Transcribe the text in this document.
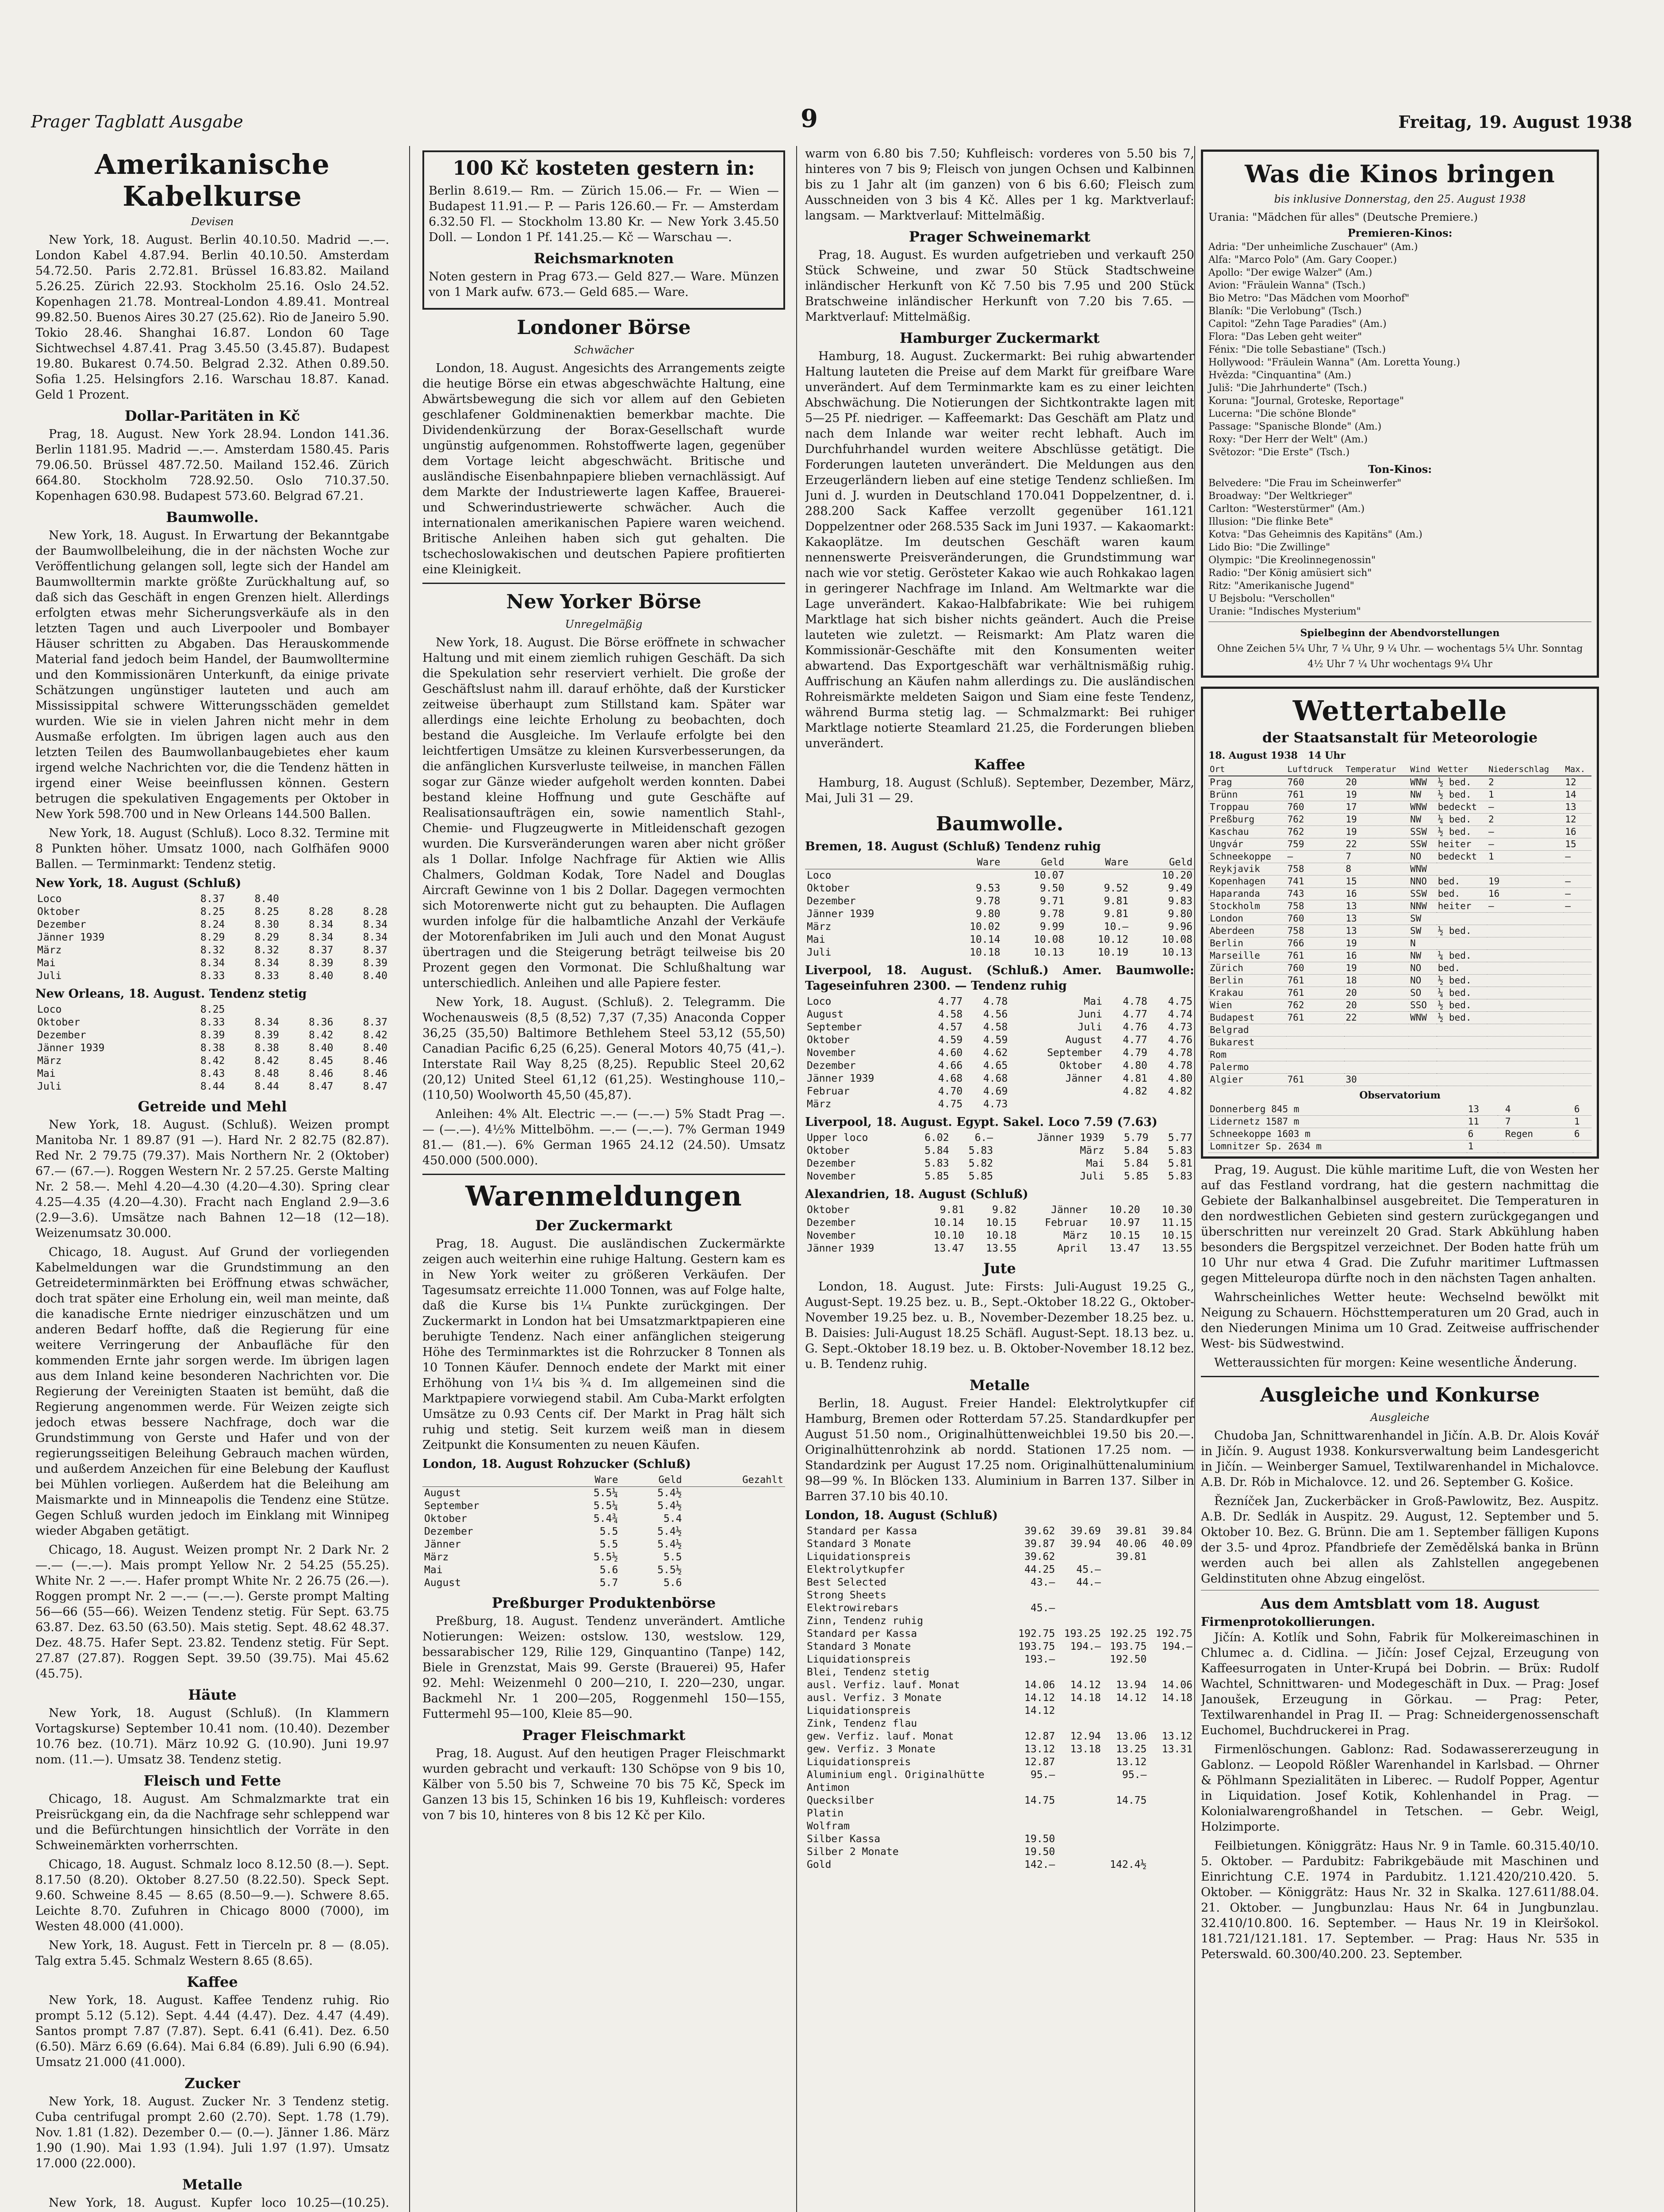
Prager Tagblatt Ausgabe	9	Freitag, 19. August 1938
Amerikanische Kabelkurse
Devisen

New York, 18. August. Berlin 40.10.50. Madrid —.—. London Kabel 4.87.94. Berlin 40.10.50. Amsterdam 54.72.50. Paris 2.72.81. Brüssel 16.83.82. Mailand 5.26.25. Zürich 22.93. Stockholm 25.16. Oslo 24.52. Kopenhagen 21.78. Montreal-London 4.89.41. Montreal 99.82.50. Buenos Aires 30.27 (25.62). Rio de Janeiro 5.90. Tokio 28.46. Shanghai 16.87. London 60 Tage Sichtwechsel 4.87.41. Prag 3.45.50 (3.45.87). Budapest 19.80. Bukarest 0.74.50. Belgrad 2.32. Athen 0.89.50. Sofia 1.25. Helsingfors 2.16. Warschau 18.87. Kanad. Geld 1 Prozent.

Dollar-Paritäten in Kč

Prag, 18. August. New York 28.94. London 141.36. Berlin 1181.95. Madrid —.—. Amsterdam 1580.45. Paris 79.06.50. Brüssel 487.72.50. Mailand 152.46. Zürich 664.80. Stockholm 728.92.50. Oslo 710.37.50. Kopenhagen 630.98. Budapest 573.60. Belgrad 67.21.

Baumwolle.

New York, 18. August. In Erwartung der Bekanntgabe der Baumwollbeleihung, die in der nächsten Woche zur Veröffentlichung gelangen soll, legte sich der Handel am Baumwolltermin markte größte Zurückhaltung auf, so daß sich das Geschäft in engen Grenzen hielt. Allerdings erfolgten etwas mehr Sicherungsverkäufe als in den letzten Tagen und auch Liverpooler und Bombayer Häuser schritten zu Abgaben. Das Herauskommende Material fand jedoch beim Handel, der Baumwolltermine und den Kommissionären Unterkunft, da einige private Schätzungen ungünstiger lauteten und auch am Mississippital schwere Witterungsschäden gemeldet wurden. Wie sie in vielen Jahren nicht mehr in dem Ausmaße erfolgten. Im übrigen lagen auch aus den letzten Teilen des Baumwollanbaugebietes eher kaum irgend welche Nachrichten vor, die die Tendenz hätten in irgend einer Weise beeinflussen können. Gestern betrugen die spekulativen Engagements per Oktober in New York 598.700 und in New Orleans 144.500 Ballen.

New York, 18. August (Schluß). Loco 8.32. Termine mit 8 Punkten höher. Umsatz 1000, nach Golfhäfen 9000 Ballen. — Terminmarkt: Tendenz stetig.

New York, 18. August (Schluß)
Loco	8.37	8.40		
Oktober	8.25	8.25	8.28	8.28
Dezember	8.24	8.30	8.34	8.34
Jänner 1939	8.29	8.29	8.34	8.34
März	8.32	8.32	8.37	8.37
Mai	8.34	8.34	8.39	8.39
Juli	8.33	8.33	8.40	8.40
New Orleans, 18. August. Tendenz stetig
Loco	8.25			
Oktober	8.33	8.34	8.36	8.37
Dezember	8.39	8.39	8.42	8.42
Jänner 1939	8.38	8.38	8.40	8.40
März	8.42	8.42	8.45	8.46
Mai	8.43	8.48	8.46	8.46
Juli	8.44	8.44	8.47	8.47
Getreide und Mehl

New York, 18. August. (Schluß). Weizen prompt Manitoba Nr. 1 89.87 (91 —). Hard Nr. 2 82.75 (82.87). Red Nr. 2 79.75 (79.37). Mais Northern Nr. 2 (Oktober) 67.— (67.—). Roggen Western Nr. 2 57.25. Gerste Malting Nr. 2 58.—. Mehl 4.20—4.30 (4.20—4.30). Spring clear 4.25—4.35 (4.20—4.30). Fracht nach England 2.9—3.6 (2.9—3.6). Umsätze nach Bahnen 12—18 (12—18). Weizenumsatz 30.000.

Chicago, 18. August. Auf Grund der vorliegenden Kabelmeldungen war die Grundstimmung an den Getreideterminmärkten bei Eröffnung etwas schwächer, doch trat später eine Erholung ein, weil man meinte, daß die kanadische Ernte niedriger einzuschätzen und um anderen Bedarf hoffte, daß die Regierung für eine weitere Verringerung der Anbaufläche für den kommenden Ernte jahr sorgen werde. Im übrigen lagen aus dem Inland keine besonderen Nachrichten vor. Die Regierung der Vereinigten Staaten ist bemüht, daß die Regierung angenommen werde. Für Weizen zeigte sich jedoch etwas bessere Nachfrage, doch war die Grundstimmung von Gerste und Hafer und von der regierungsseitigen Beleihung Gebrauch machen würden, und außerdem Anzeichen für eine Belebung der Kauflust bei Mühlen vorliegen. Außerdem hat die Beleihung am Maismarkte und in Minneapolis die Tendenz eine Stütze. Gegen Schluß wurden jedoch im Einklang mit Winnipeg wieder Abgaben getätigt.

Chicago, 18. August. Weizen prompt Nr. 2 Dark Nr. 2 —.— (—.—). Mais prompt Yellow Nr. 2 54.25 (55.25). White Nr. 2 —.—. Hafer prompt White Nr. 2 26.75 (26.—). Roggen prompt Nr. 2 —.— (—.—). Gerste prompt Malting 56—66 (55—66). Weizen Tendenz stetig. Für Sept. 63.75 63.87. Dez. 63.50 (63.50). Mais stetig. Sept. 48.62 48.37. Dez. 48.75. Hafer Sept. 23.82. Tendenz stetig. Für Sept. 27.87 (27.87). Roggen Sept. 39.50 (39.75). Mai 45.62 (45.75).

Häute

New York, 18. August (Schluß). (In Klammern Vortagskurse) September 10.41 nom. (10.40). Dezember 10.76 bez. (10.71). März 10.92 G. (10.90). Juni 19.97 nom. (11.—). Umsatz 38. Tendenz stetig.

Fleisch und Fette

Chicago, 18. August. Am Schmalzmarkte trat ein Preisrückgang ein, da die Nachfrage sehr schleppend war und die Befürchtungen hinsichtlich der Vorräte in den Schweinemärkten vorherrschten.

Chicago, 18. August. Schmalz loco 8.12.50 (8.—). Sept. 8.17.50 (8.20). Oktober 8.27.50 (8.22.50). Speck Sept. 9.60. Schweine 8.45 — 8.65 (8.50—9.—). Schwere 8.65. Leichte 8.70. Zufuhren in Chicago 8000 (7000), im Westen 48.000 (41.000).

New York, 18. August. Fett in Tierceln pr. 8 — (8.05). Talg extra 5.45. Schmalz Western 8.65 (8.65).

Kaffee

New York, 18. August. Kaffee Tendenz ruhig. Rio prompt 5.12 (5.12). Sept. 4.44 (4.47). Dez. 4.47 (4.49). Santos prompt 7.87 (7.87). Sept. 6.41 (6.41). Dez. 6.50 (6.50). März 6.69 (6.64). Mai 6.84 (6.89). Juli 6.90 (6.94). Umsatz 21.000 (41.000).

Zucker

New York, 18. August. Zucker Nr. 3 Tendenz stetig. Cuba centrifugal prompt 2.60 (2.70). Sept. 1.78 (1.79). Nov. 1.81 (1.82). Dezember 0.— (0.—). Jänner 1.86. März 1.90 (1.90). Mai 1.93 (1.94). Juli 1.97 (1.97). Umsatz 17.000 (22.000).

Metalle

New York, 18. August. Kupfer loco 10.25—(10.25).

100 Kč kosteten gestern in:

Berlin 8.619.— Rm. — Zürich 15.06.— Fr. — Wien — Budapest 11.91.— P. — Paris 126.60.— Fr. — Amsterdam 6.32.50 Fl. — Stockholm 13.80 Kr. — New York 3.45.50 Doll. — London 1 Pf. 141.25.— Kč — Warschau —.

Reichsmarknoten

Noten gestern in Prag 673.— Geld 827.— Ware. Münzen von 1 Mark aufw. 673.— Geld 685.— Ware.

Londoner Börse
Schwächer

London, 18. August. Angesichts des Arrangements zeigte die heutige Börse ein etwas abgeschwächte Haltung, eine Abwärtsbewegung die sich vor allem auf den Gebieten geschlafener Goldminenaktien bemerkbar machte. Die Dividendenkürzung der Borax-Gesellschaft wurde ungünstig aufgenommen. Rohstoffwerte lagen, gegenüber dem Vortage leicht abgeschwächt. Britische und ausländische Eisenbahnpapiere blieben vernachlässigt. Auf dem Markte der Industriewerte lagen Kaffee, Brauerei- und Schwerindustriewerte schwächer. Auch die internationalen amerikanischen Papiere waren weichend. Britische Anleihen haben sich gut gehalten. Die tschechoslowakischen und deutschen Papiere profitierten eine Kleinigkeit.

New Yorker Börse
Unregelmäßig

New York, 18. August. Die Börse eröffnete in schwacher Haltung und mit einem ziemlich ruhigen Geschäft. Da sich die Spekulation sehr reserviert verhielt. Die große der Geschäftslust nahm ill. darauf erhöhte, daß der Kursticker zeitweise überhaupt zum Stillstand kam. Später war allerdings eine leichte Erholung zu beobachten, doch bestand die Ausgleiche. Im Verlaufe erfolgte bei den leichtfertigen Umsätze zu kleinen Kursverbesserungen, da die anfänglichen Kursverluste teilweise, in manchen Fällen sogar zur Gänze wieder aufgeholt werden konnten. Dabei bestand kleine Hoffnung und gute Geschäfte auf Realisationsaufträgen ein, sowie namentlich Stahl-, Chemie- und Flugzeugwerte in Mitleidenschaft gezogen wurden. Die Kursveränderungen waren aber nicht größer als 1 Dollar. Infolge Nachfrage für Aktien wie Allis Chalmers, Goldman Kodak, Tore Nadel and Douglas Aircraft Gewinne von 1 bis 2 Dollar. Dagegen vermochten sich Motorenwerte nicht gut zu behaupten. Die Auflagen wurden infolge für die halbamtliche Anzahl der Verkäufe der Motorenfabriken im Juli auch und den Monat August übertragen und die Steigerung beträgt teilweise bis 20 Prozent gegen den Vormonat. Die Schlußhaltung war unterschiedlich. Anleihen und alle Papiere fester.

New York, 18. August. (Schluß). 2. Telegramm. Die Wochenausweis (8,5 (8,52) 7,37 (7,35) Anaconda Copper 36,25 (35,50) Baltimore Bethlehem Steel 53,12 (55,50) Canadian Pacific 6,25 (6,25). General Motors 40,75 (41,–). Interstate Rail Way 8,25 (8,25). Republic Steel 20,62 (20,12) United Steel 61,12 (61,25). Westinghouse 110,– (110,50) Woolworth 45,50 (45,87).

Anleihen: 4% Alt. Electric —.— (—.—) 5% Stadt Prag —.— (—.—). 4½% Mittelböhm. —.— (—.—). 7% German 1949 81.— (81.—). 6% German 1965 24.12 (24.50). Umsatz 450.000 (500.000).

Warenmeldungen
Der Zuckermarkt

Prag, 18. August. Die ausländischen Zuckermärkte zeigen auch weiterhin eine ruhige Haltung. Gestern kam es in New York weiter zu größeren Verkäufen. Der Tagesumsatz erreichte 11.000 Tonnen, was auf Folge halte, daß die Kurse bis 1¼ Punkte zurückgingen. Der Zuckermarkt in London hat bei Umsatzmarktpapieren eine beruhigte Tendenz. Nach einer anfänglichen steigerung Höhe des Terminmarktes ist die Rohrzucker 8 Tonnen als 10 Tonnen Käufer. Dennoch endete der Markt mit einer Erhöhung von 1¼ bis ¾ d. Im allgemeinen sind die Marktpapiere vorwiegend stabil. Am Cuba-Markt erfolgten Umsätze zu 0.93 Cents cif. Der Markt in Prag hält sich ruhig und stetig. Seit kurzem weiß man in diesem Zeitpunkt die Konsumenten zu neuen Käufen.

London, 18. August Rohzucker (Schluß)
	Ware	Geld	Gezahlt
August	5.5¼	5.4½	
September	5.5¼	5.4½	
Oktober	5.4¾	5.4	
Dezember	5.5	5.4½	
Jänner	5.5	5.4½	
März	5.5½	5.5	
Mai	5.6	5.5½	
August	5.7	5.6	
Preßburger Produktenbörse

Preßburg, 18. August. Tendenz unverändert. Amtliche Notierungen: Weizen: ostslow. 130, westslow. 129, bessarabischer 129, Rilie 129, Ginquantino (Tanpe) 142, Biele in Grenzstat, Mais 99. Gerste (Brauerei) 95, Hafer 92. Mehl: Weizenmehl 0 200—210, I. 220—230, ungar. Backmehl Nr. 1 200—205, Roggenmehl 150—155, Futtermehl 95—100, Kleie 85—90.

Prager Fleischmarkt

Prag, 18. August. Auf den heutigen Prager Fleischmarkt wurden gebracht und verkauft: 130 Schöpse von 9 bis 10, Kälber von 5.50 bis 7, Schweine 70 bis 75 Kč, Speck im Ganzen 13 bis 15, Schinken 16 bis 19, Kuhfleisch: vorderes von 7 bis 10, hinteres von 8 bis 12 Kč per Kilo.

warm von 6.80 bis 7.50; Kuhfleisch: vorderes von 5.50 bis 7, hinteres von 7 bis 9; Fleisch von jungen Ochsen und Kalbinnen bis zu 1 Jahr alt (im ganzen) von 6 bis 6.60; Fleisch zum Ausschneiden von 3 bis 4 Kč. Alles per 1 kg. Marktverlauf: langsam. — Marktverlauf: Mittelmäßig.

Prager Schweinemarkt

Prag, 18. August. Es wurden aufgetrieben und verkauft 250 Stück Schweine, und zwar 50 Stück Stadtschweine inländischer Herkunft von Kč 7.50 bis 7.95 und 200 Stück Bratschweine inländischer Herkunft von 7.20 bis 7.65. — Marktverlauf: Mittelmäßig.

Hamburger Zuckermarkt

Hamburg, 18. August. Zuckermarkt: Bei ruhig abwartender Haltung lauteten die Preise auf dem Markt für greifbare Ware unverändert. Auf dem Terminmarkte kam es zu einer leichten Abschwächung. Die Notierungen der Sichtkontrakte lagen mit 5—25 Pf. niedriger. — Kaffeemarkt: Das Geschäft am Platz und nach dem Inlande war weiter recht lebhaft. Auch im Durchfuhrhandel wurden weitere Abschlüsse getätigt. Die Forderungen lauteten unverändert. Die Meldungen aus den Erzeugerländern lieben auf eine stetige Tendenz schließen. Im Juni d. J. wurden in Deutschland 170.041 Doppelzentner, d. i. 288.200 Sack Kaffee verzollt gegenüber 161.121 Doppelzentner oder 268.535 Sack im Juni 1937. — Kakaomarkt: Kakaoplätze. Im deutschen Geschäft waren kaum nennenswerte Preisveränderungen, die Grundstimmung war nach wie vor stetig. Gerösteter Kakao wie auch Rohkakao lagen in geringerer Nachfrage im Inland. Am Weltmarkte war die Lage unverändert. Kakao-Halbfabrikate: Wie bei ruhigem Marktlage hat sich bisher nichts geändert. Auch die Preise lauteten wie zuletzt. — Reismarkt: Am Platz waren die Kommissionär-Geschäfte mit den Konsumenten weiter abwartend. Das Exportgeschäft war verhältnismäßig ruhig. Auffrischung an Käufen nahm allerdings zu. Die ausländischen Rohreismärkte meldeten Saigon und Siam eine feste Tendenz, während Burma stetig lag. — Schmalzmarkt: Bei ruhiger Marktlage notierte Steamlard 21.25, die Forderungen blieben unverändert.

Kaffee

Hamburg, 18. August (Schluß). September, Dezember, März, Mai, Juli 31 — 29.

Baumwolle.
Bremen, 18. August (Schluß) Tendenz ruhig
	Ware	Geld	Ware	Geld
Loco		10.07		10.20
Oktober	9.53	9.50	9.52	9.49
Dezember	9.78	9.71	9.81	9.83
Jänner 1939	9.80	9.78	9.81	9.80
März	10.02	9.99	10.—	9.96
Mai	10.14	10.08	10.12	10.08
Juli	10.18	10.13	10.19	10.13
Liverpool, 18. August. (Schluß.) Amer. Baumwolle: Tageseinfuhren 2300. — Tendenz ruhig
Loco	4.77	4.78	Mai	4.78	4.75
August	4.58	4.56	Juni	4.77	4.74
September	4.57	4.58	Juli	4.76	4.73
Oktober	4.59	4.59	August	4.77	4.76
November	4.60	4.62	September	4.79	4.78
Dezember	4.66	4.65	Oktober	4.80	4.78
Jänner 1939	4.68	4.68	Jänner	4.81	4.80
Februar	4.70	4.69		4.82	4.82
März	4.75	4.73			
Liverpool, 18. August. Egypt. Sakel. Loco 7.59 (7.63)
Upper loco	6.02	6.—	Jänner 1939	5.79	5.77
Oktober	5.84	5.83	März	5.84	5.83
Dezember	5.83	5.82	Mai	5.84	5.81
November	5.85	5.85	Juli	5.85	5.83
Alexandrien, 18. August (Schluß)
Oktober	9.81	9.82	Jänner	10.20	10.30
Dezember	10.14	10.15	Februar	10.97	11.15
November	10.10	10.18	März	10.15	10.15
Jänner 1939	13.47	13.55	April	13.47	13.55
Jute

London, 18. August. Jute: Firsts: Juli-August 19.25 G., August-Sept. 19.25 bez. u. B., Sept.-Oktober 18.22 G., Oktober-November 19.25 bez. u. B., November-Dezember 18.25 bez. u. B. Daisies: Juli-August 18.25 Schäfl. August-Sept. 18.13 bez. u. G. Sept.-Oktober 18.19 bez. u. B. Oktober-November 18.12 bez. u. B. Tendenz ruhig.

Metalle

Berlin, 18. August. Freier Handel: Elektrolytkupfer cif Hamburg, Bremen oder Rotterdam 57.25. Standardkupfer per August 51.50 nom., Originalhüttenweichblei 19.50 bis 20.—. Originalhüttenrohzink ab nordd. Stationen 17.25 nom. — Standardzink per August 17.25 nom. Originalhüttenaluminium 98—99 %. In Blöcken 133. Aluminium in Barren 137. Silber in Barren 37.10 bis 40.10.

London, 18. August (Schluß)
Standard per Kassa	39.62	39.69	39.81	39.84
Standard 3 Monate	39.87	39.94	40.06	40.09
Liquidationspreis	39.62		39.81	
Elektrolytkupfer	44.25	45.—		
Best Selected	43.—	44.—		
Strong Sheets				
Elektrowirebars	45.—			
Zinn, Tendenz ruhig				
Standard per Kassa	192.75	193.25	192.25	192.75
Standard 3 Monate	193.75	194.—	193.75	194.—
Liquidationspreis	193.—		192.50	
Blei, Tendenz stetig				
ausl. Verfiz. lauf. Monat	14.06	14.12	13.94	14.06
ausl. Verfiz. 3 Monate	14.12	14.18	14.12	14.18
Liquidationspreis	14.12			
Zink, Tendenz flau				
gew. Verfiz. lauf. Monat	12.87	12.94	13.06	13.12
gew. Verfiz. 3 Monate	13.12	13.18	13.25	13.31
Liquidationspreis	12.87		13.12	
Aluminium engl. Originalhütte	95.—		95.—	
Antimon				
Quecksilber	14.75		14.75	
Platin				
Wolfram				
Silber Kassa	19.50			
Silber 2 Monate	19.50			
Gold	142.—		142.4½	
Was die Kinos bringen
bis inklusive Donnerstag, den 25. August 1938
Urania: "Mädchen für alles" (Deutsche Premiere.)
Premieren-Kinos:
Adria: "Der unheimliche Zuschauer" (Am.)
Alfa: "Marco Polo" (Am. Gary Cooper.)
Apollo: "Der ewige Walzer" (Am.)
Avion: "Fräulein Wanna" (Tsch.)
Bio Metro: "Das Mädchen vom Moorhof"
Blaník: "Die Verlobung" (Tsch.)
Capitol: "Zehn Tage Paradies" (Am.)
Flora: "Das Leben geht weiter"
Fénix: "Die tolle Sebastiane" (Tsch.)
Hollywood: "Fräulein Wanna" (Am. Loretta Young.)
Hvězda: "Cinquantina" (Am.)
Juliš: "Die Jahrhunderte" (Tsch.)
Koruna: "Journal, Groteske, Reportage"
Lucerna: "Die schöne Blonde"
Passage: "Spanische Blonde" (Am.)
Roxy: "Der Herr der Welt" (Am.)
Světozor: "Die Erste" (Tsch.)
Ton-Kinos:
Belvedere: "Die Frau im Scheinwerfer"
Broadway: "Der Weltkrieger"
Carlton: "Westerstürmer" (Am.)
Illusion: "Die flinke Bete"
Kotva: "Das Geheimnis des Kapitäns" (Am.)
Lido Bio: "Die Zwillinge"
Olympic: "Die Kreolinnegenossin"
Radio: "Der König amüsiert sich"
Ritz: "Amerikanische Jugend"
U Bejsbolu: "Verschollen"
Uranie: "Indisches Mysterium"
Spielbeginn der Abendvorstellungen
Ohne Zeichen 5¼ Uhr, 7 ¼ Uhr, 9 ¼ Uhr. — wochentags 5¼ Uhr. Sonntag 4½ Uhr 7 ¼ Uhr wochentags 9¼ Uhr
Wettertabelle
der Staatsanstalt für Meteorologie
18. August 1938 14 Uhr
Ort	Luftdruck	Temperatur	Wind	Wetter	Niederschlag	Max.
Prag	760	20	WNW	½ bed.	2	12
Brünn	761	19	NW	½ bed.	1	14
Troppau	760	17	WNW	bedeckt	—	13
Preßburg	762	19	NW	¼ bed.	2	12
Kaschau	762	19	SSW	½ bed.	—	16
Ungvár	759	22	SSW	heiter	—	15
Schneekoppe	—	7	NO	bedeckt	1	—
Reykjavik	758	8	WNW			
Kopenhagen	741	15	NNO	bed.	19	—
Haparanda	743	16	SSW	bed.	16	—
Stockholm	758	13	NNW	heiter	—	—
London	760	13	SW			
Aberdeen	758	13	SW	½ bed.		
Berlin	766	19	N			
Marseille	761	16	NW	¼ bed.		
Zürich	760	19	NO	bed.		
Berlin	761	18	NO	½ bed.		
Krakau	761	20	SO	¼ bed.		
Wien	762	20	SSO	½ bed.		
Budapest	761	22	WNW	½ bed.		
Belgrad						
Bukarest						
Rom						
Palermo						
Algier	761	30				
Observatorium
Donnerberg 845 m	13		4	6
Lidernetz 1587 m	11		7	1
Schneekoppe 1603 m	6		Regen	6
Lomnitzer Sp. 2634 m	1			

Prag, 19. August. Die kühle maritime Luft, die von Westen her auf das Festland vordrang, hat die gestern nachmittag die Gebiete der Balkanhalbinsel ausgebreitet. Die Temperaturen in den nordwestlichen Gebieten sind gestern zurückgegangen und überschritten nur vereinzelt 20 Grad. Stark Abkühlung haben besonders die Bergspitzel verzeichnet. Der Boden hatte früh um 10 Uhr nur etwa 4 Grad. Die Zufuhr maritimer Luftmassen gegen Mitteleuropa dürfte noch in den nächsten Tagen anhalten.

Wahrscheinliches Wetter heute: Wechselnd bewölkt mit Neigung zu Schauern. Höchsttemperaturen um 20 Grad, auch in den Niederungen Minima um 10 Grad. Zeitweise auffrischender West- bis Südwestwind.

Wetteraussichten für morgen: Keine wesentliche Änderung.

Ausgleiche und Konkurse
Ausgleiche

Chudoba Jan, Schnittwarenhandel in Jičín. A.B. Dr. Alois Kovář in Jičín. 9. August 1938. Konkursverwaltung beim Landesgericht in Jičín. — Weinberger Samuel, Textilwarenhandel in Michalovce. A.B. Dr. Rób in Michalovce. 12. und 26. September G. Košice.

Řezníček Jan, Zuckerbäcker in Groß-Pawlowitz, Bez. Auspitz. A.B. Dr. Sedlák in Auspitz. 29. August, 12. September und 5. Oktober 10. Bez. G. Brünn. Die am 1. September fälligen Kupons der 3.5- und 4proz. Pfandbriefe der Zemědělská banka in Brünn werden auch bei allen als Zahlstellen angegebenen Geldinstituten ohne Abzug eingelöst.

Aus dem Amtsblatt vom 18. August
Firmenprotokollierungen.

Jičín: A. Kotlík und Sohn, Fabrik für Molkereimaschinen in Chlumec a. d. Cidlina. — Jičín: Josef Cejzal, Erzeugung von Kaffeesurrogaten in Unter-Krupá bei Dobrin. — Brüx: Rudolf Wachtel, Schnittwaren- und Modegeschäft in Dux. — Prag: Josef Janoušek, Erzeugung in Görkau. — Prag: Peter, Textilwarenhandel in Prag II. — Prag: Schneidergenossenschaft Euchomel, Buchdruckerei in Prag.

Firmenlöschungen. Gablonz: Rad. Sodawassererzeugung in Gablonz. — Leopold Rößler Warenhandel in Karlsbad. — Ohrner & Pöhlmann Spezialitäten in Liberec. — Rudolf Popper, Agentur in Liquidation. Josef Kotik, Kohlenhandel in Prag. — Kolonialwarengroßhandel in Tetschen. — Gebr. Weigl, Holzimporte.

Feilbietungen. Königgrätz: Haus Nr. 9 in Tamle. 60.315.40/10. 5. Oktober. — Pardubitz: Fabrikgebäude mit Maschinen und Einrichtung C.E. 1974 in Pardubitz. 1.121.420/210.420. 5. Oktober. — Königgrätz: Haus Nr. 32 in Skalka. 127.611/88.04. 21. Oktober. — Jungbunzlau: Haus Nr. 64 in Jungbunzlau. 32.410/10.800. 16. September. — Haus Nr. 19 in Kleiršokol. 181.721/121.181. 17. September. — Prag: Haus Nr. 535 in Peterswald. 60.300/40.200. 23. September.
